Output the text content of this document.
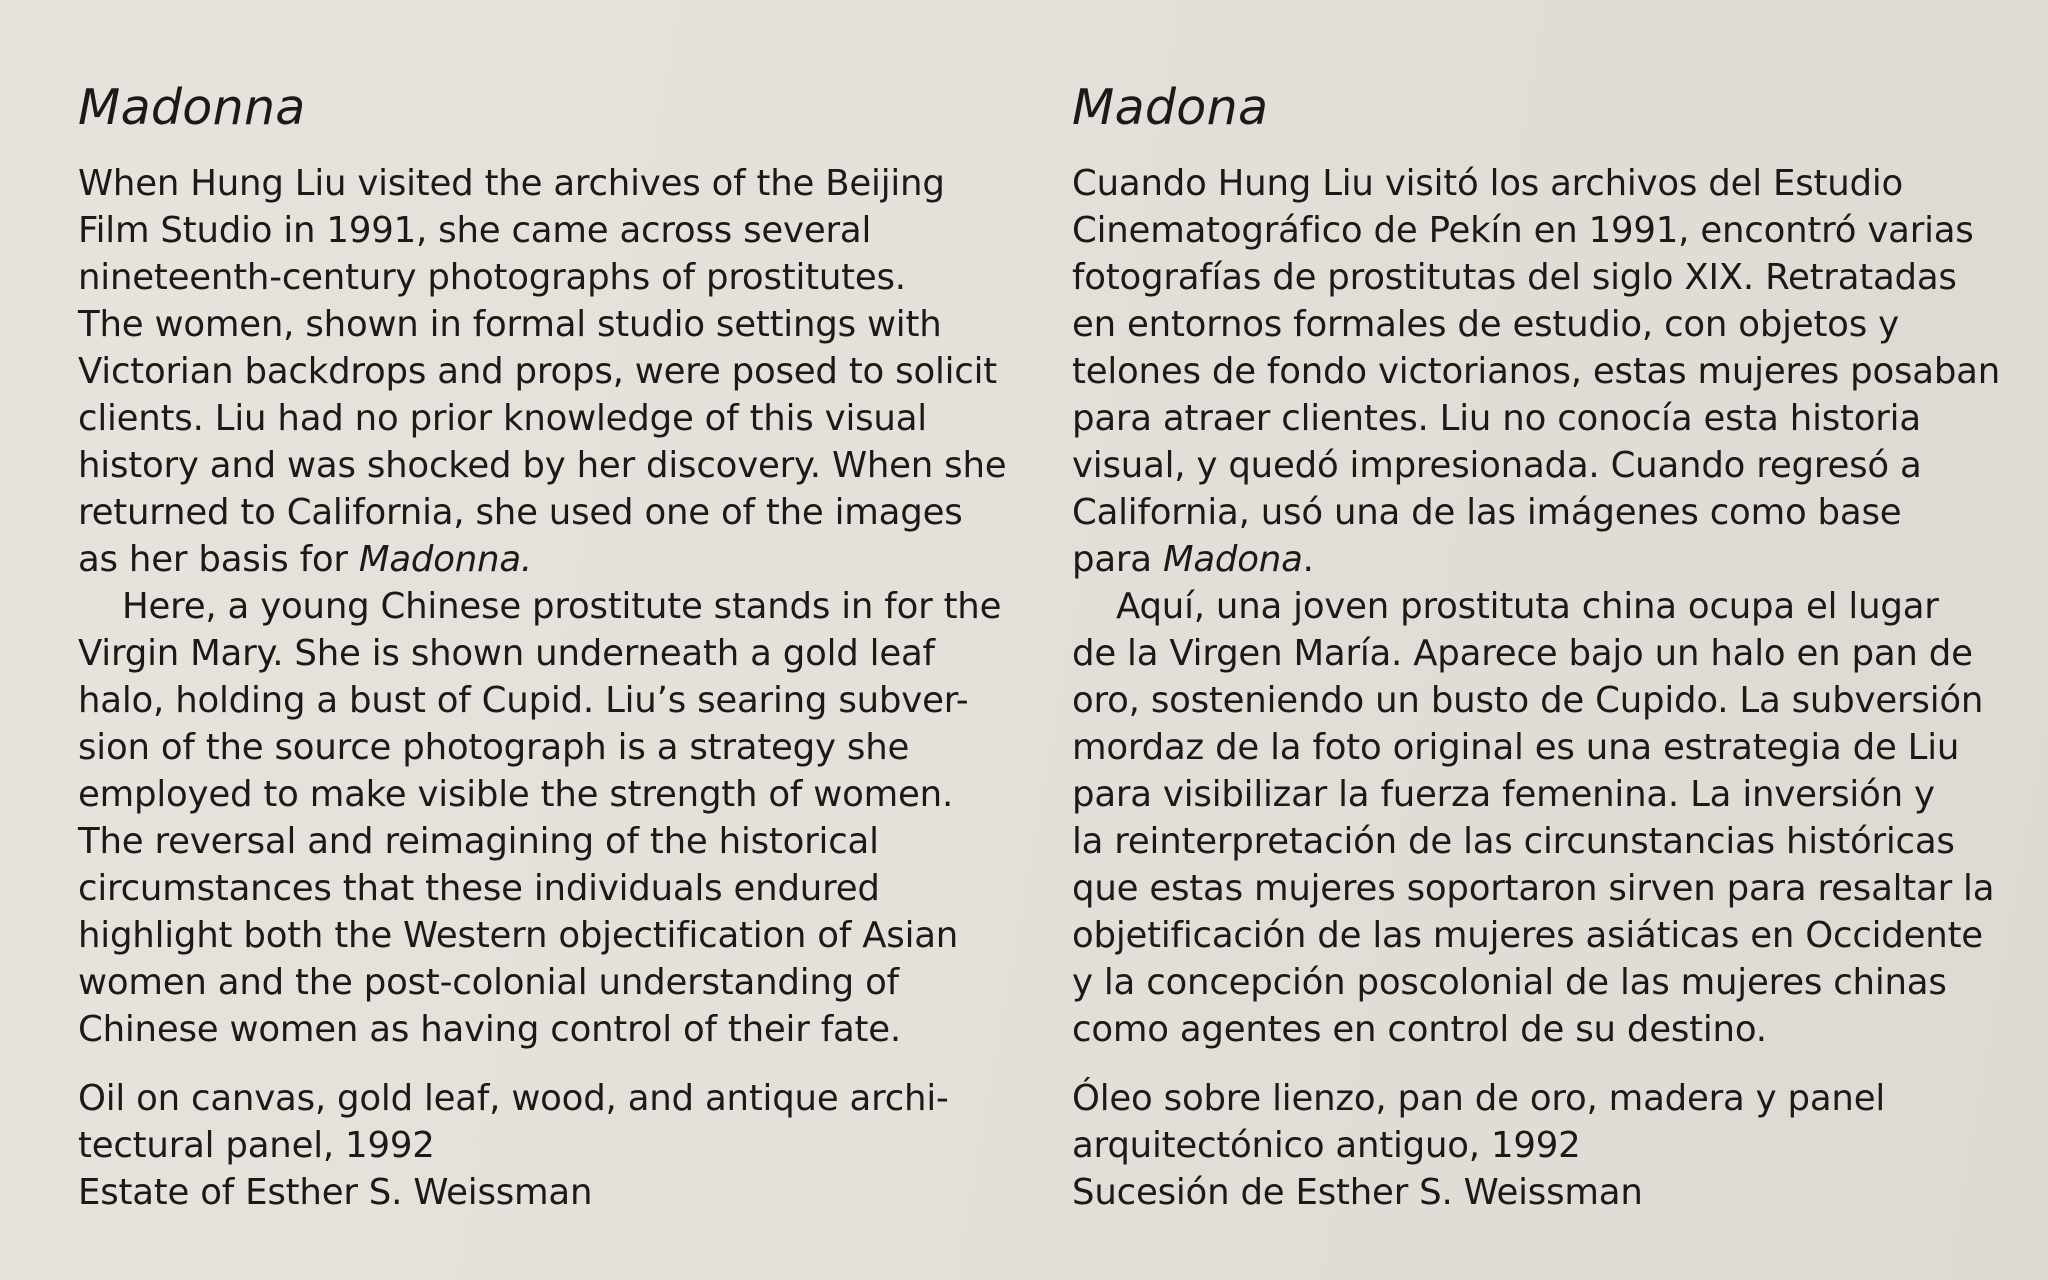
Madonna
When Hung Liu visited the archives of the Beijing
Film Studio in 1991, she came across several
nineteenth-century photographs of prostitutes.
The women, shown in formal studio settings with
Victorian backdrops and props, were posed to solicit
clients. Liu had no prior knowledge of this visual
history and was shocked by her discovery. When she
returned to California, she used one of the images
as her basis for Madonna.
Here, a young Chinese prostitute stands in for the
Virgin Mary. She is shown underneath a gold leaf
halo, holding a bust of Cupid. Liu’s searing subver-
sion of the source photograph is a strategy she
employed to make visible the strength of women.
The reversal and reimagining of the historical
circumstances that these individuals endured
highlight both the Western objectification of Asian
women and the post-colonial understanding of
Chinese women as having control of their fate.
Oil on canvas, gold leaf, wood, and antique archi-
tectural panel, 1992
Estate of Esther S. Weissman
Madona
Cuando Hung Liu visitó los archivos del Estudio
Cinematográfico de Pekín en 1991, encontró varias
fotografías de prostitutas del siglo XIX. Retratadas
en entornos formales de estudio, con objetos y
telones de fondo victorianos, estas mujeres posaban
para atraer clientes. Liu no conocía esta historia
visual, y quedó impresionada. Cuando regresó a
California, usó una de las imágenes como base
para Madona.
Aquí, una joven prostituta china ocupa el lugar
de la Virgen María. Aparece bajo un halo en pan de
oro, sosteniendo un busto de Cupido. La subversión
mordaz de la foto original es una estrategia de Liu
para visibilizar la fuerza femenina. La inversión y
la reinterpretación de las circunstancias históricas
que estas mujeres soportaron sirven para resaltar la
objetificación de las mujeres asiáticas en Occidente
y la concepción poscolonial de las mujeres chinas
como agentes en control de su destino.
Óleo sobre lienzo, pan de oro, madera y panel
arquitectónico antiguo, 1992
Sucesión de Esther S. Weissman
